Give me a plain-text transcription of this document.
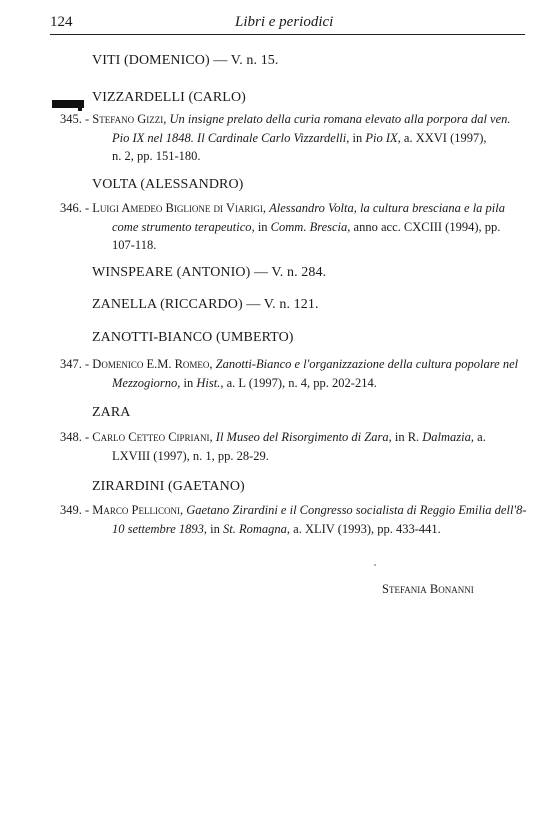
124	Libri e periodici
VITI (DOMENICO) — V. n. 15.
VIZZARDELLI (CARLO)
345. - Stefano Gizzi, Un insigne prelato della curia romana elevato alla porpora dal ven.
Pio IX nel 1848. Il Cardinale Carlo Vizzardelli, in Pio IX, a. XXVI (1997),
n. 2, pp. 151-180.
VOLTA (ALESSANDRO)
346. - Luigi Amedeo Biglione di Viarigi, Alessandro Volta, la cultura bresciana e la pila
come strumento terapeutico, in Comm. Brescia, anno acc. CXCIII (1994), pp.
107-118.
WINSPEARE (ANTONIO) — V. n. 284.
ZANELLA (RICCARDO) — V. n. 121.
ZANOTTI-BIANCO (UMBERTO)
347. - Domenico E.M. Romeo, Zanotti-Bianco e l'organizzazione della cultura popolare nel
Mezzogiorno, in Hist., a. L (1997), n. 4, pp. 202-214.
ZARA
348. - Carlo Cetteo Cipriani, Il Museo del Risorgimento di Zara, in R. Dalmazia, a.
LXVIII (1997), n. 1, pp. 28-29.
ZIRARDINI (GAETANO)
349. - Marco Pelliconi, Gaetano Zirardini e il Congresso socialista di Reggio Emilia dell'8-
10 settembre 1893, in St. Romagna, a. XLIV (1993), pp. 433-441.
Stefania Bonanni
